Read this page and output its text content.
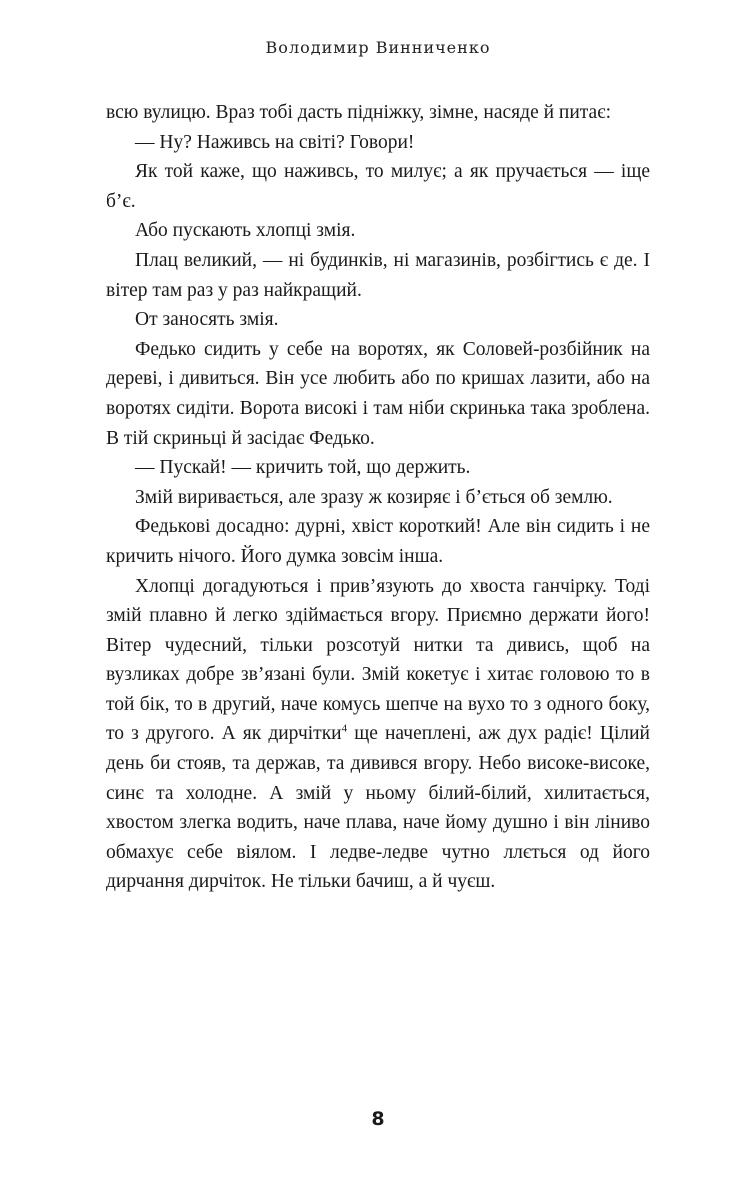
Володимир Винниченко

всю вулицю. Враз тобі дасть підніжку, зімне, насяде й питає:

— Ну? Наживсь на світі? Говори!

Як той каже, що наживсь, то милує; а як пручається — іще б’є.

Або пускають хлопці змія.

Плац великий, — ні будинків, ні магазинів, розбігтись є де. І вітер там раз у раз найкращий.

От заносять змія.

Федько сидить у себе на воротях, як Соловей-розбійник на дереві, і дивиться. Він усе любить або по кришах лазити, або на воротях сидіти. Ворота високі і там ніби скринька така зроблена. В тій скриньці й засідає Федько.

— Пускай! — кричить той, що держить.

Змій виривається, але зразу ж козиряє і б’ється об землю.

Федькові досадно: дурні, хвіст короткий! Але він сидить і не кричить нічого. Його думка зовсім інша.

Хлопці догадуються і прив’язують до хвоста ганчірку. Тоді змій плавно й легко здіймається вгору. Приємно держати його! Вітер чудесний, тільки розсотуй нитки та дивись, щоб на вузликах добре зв’язані були. Змій кокетує і хитає головою то в той бік, то в другий, наче комусь шепче на вухо то з одного боку, то з другого. А як дирчітки$^4$ ще начеплені, аж дух радіє! Цілий день би стояв, та держав, та дивився вгору. Небо високе-високе, синє та холодне. А змій у ньому білий-білий, хилитається, хвостом злегка водить, наче плава, наче йому душно і він ліниво обмахує себе віялом. І ледве-ледве чутно ллється од його дирчання дирчіток. Не тільки бачиш, а й чуєш.

8
